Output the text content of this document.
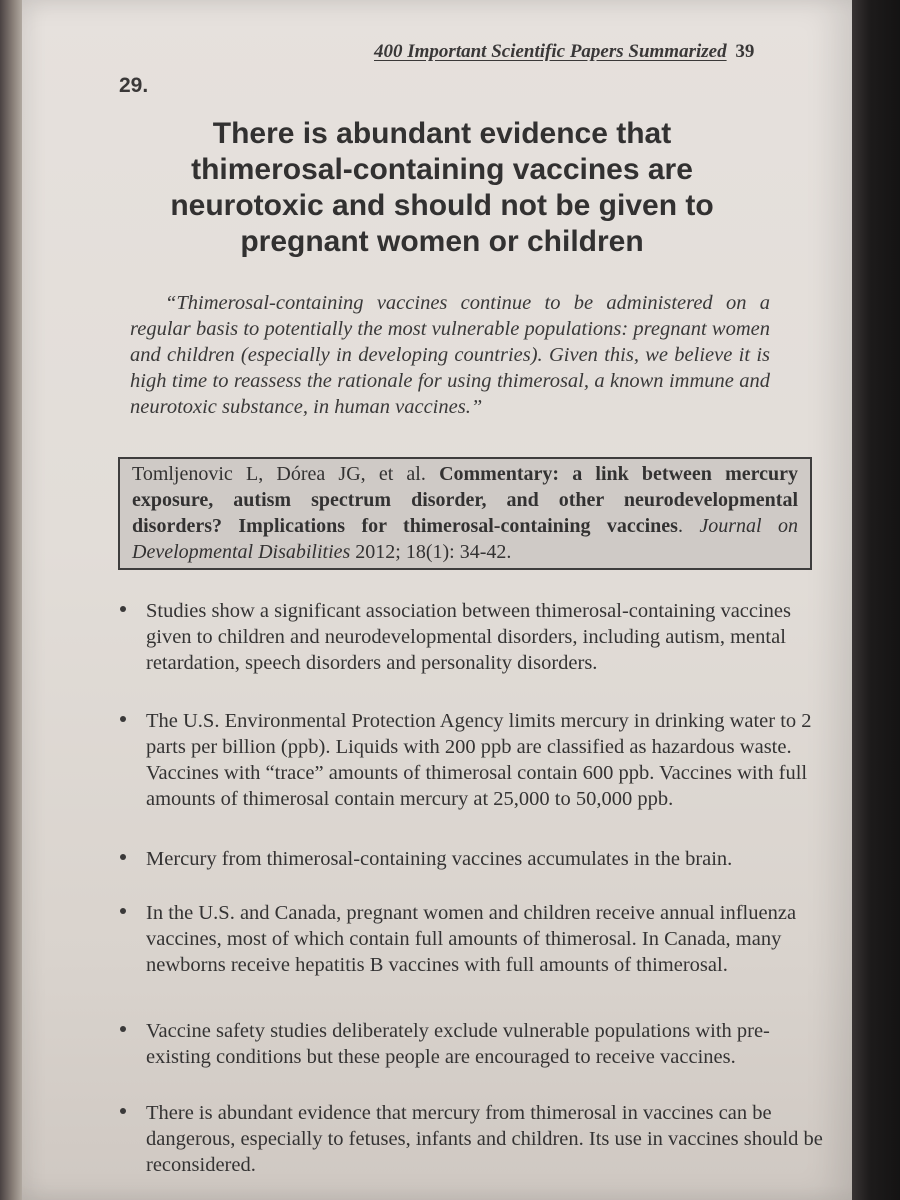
400 Important Scientific Papers Summarized 39
29.
There is abundant evidence that thimerosal-containing vaccines are neurotoxic and should not be given to pregnant women or children

“Thimerosal-containing vaccines continue to be administered on a regular basis to potentially the most vulnerable populations: pregnant women and children (especially in developing countries). Given this, we believe it is high time to reassess the rationale for using thimerosal, a known immune and neurotoxic substance, in human vaccines.”

Tomljenovic L, Dórea JG, et al. Commentary: a link between mercury exposure, autism spectrum disorder, and other neurodevelopmental disorders? Implications for thimerosal-containing vaccines. Journal on Developmental Disabilities 2012; 18(1): 34-42.
Studies show a significant association between thimerosal-containing vaccines given to children and neurodevelopmental disorders, including autism, mental retardation, speech disorders and personality disorders.
The U.S. Environmental Protection Agency limits mercury in drinking water to 2 parts per billion (ppb). Liquids with 200 ppb are classified as hazardous waste. Vaccines with “trace” amounts of thimerosal contain 600 ppb. Vaccines with full amounts of thimerosal contain mercury at 25,000 to 50,000 ppb.
Mercury from thimerosal-containing vaccines accumulates in the brain.
In the U.S. and Canada, pregnant women and children receive annual influenza vaccines, most of which contain full amounts of thimerosal. In Canada, many newborns receive hepatitis B vaccines with full amounts of thimerosal.
Vaccine safety studies deliberately exclude vulnerable populations with pre-existing conditions but these people are encouraged to receive vaccines.
There is abundant evidence that mercury from thimerosal in vaccines can be dangerous, especially to fetuses, infants and children. Its use in vaccines should be reconsidered.
